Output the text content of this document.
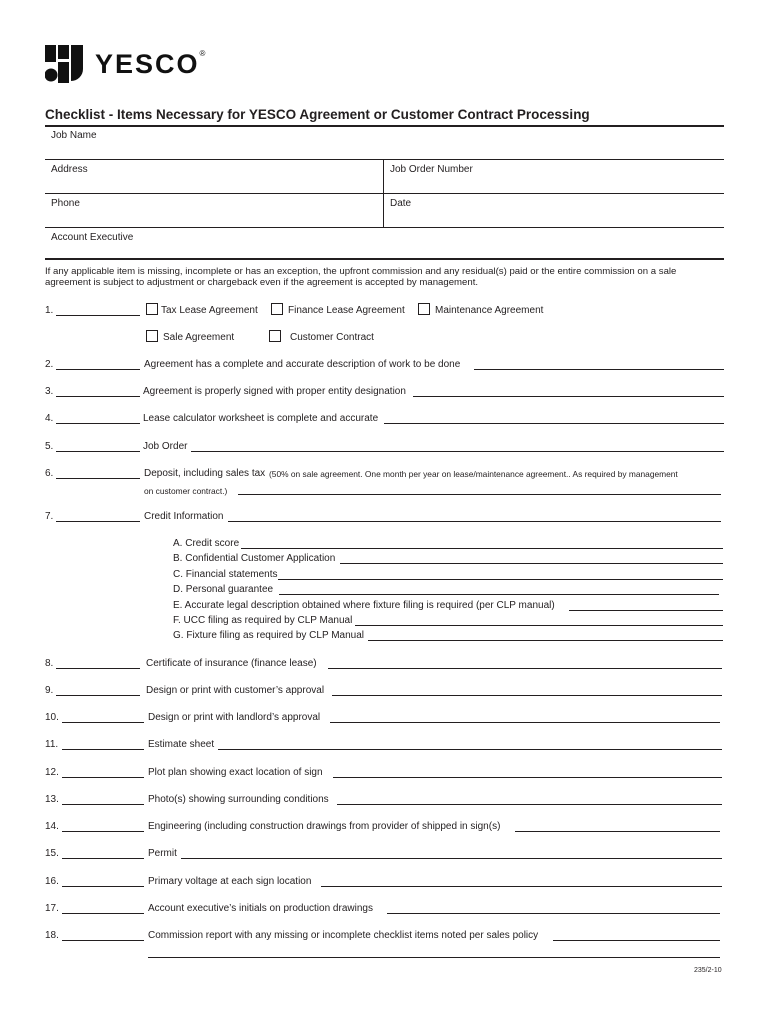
YESCO®
Checklist - Items Necessary for YESCO Agreement or Customer Contract Processing
Job Name
Address	Job Order Number
Phone	Date
Account Executive
If any applicable item is missing, incomplete or has an exception, the upfront commission and any residual(s) paid or the entire commission on a sale
agreement is subject to adjustment or chargeback even if the agreement is accepted by management.
1.	Tax Lease Agreement	Finance Lease Agreement	Maintenance Agreement
Sale Agreement	Customer Contract
2.	Agreement has a complete and accurate description of work to be done
3.	Agreement is properly signed with proper entity designation
4.	Lease calculator worksheet is complete and accurate
5.	Job Order
6.	Deposit, including sales tax (50% on sale agreement. One month per year on lease/maintenance agreement.. As required by management
on customer contract.)
7.	Credit Information
A. Credit score
B. Confidential Customer Application
C. Financial statements
D. Personal guarantee
E. Accurate legal description obtained where fixture filing is required (per CLP manual)
F. UCC filing as required by CLP Manual
G. Fixture filing as required by CLP Manual
8.	Certificate of insurance (finance lease)
9.	Design or print with customer’s approval
10.	Design or print with landlord’s approval
11.	Estimate sheet
12.	Plot plan showing exact location of sign
13.	Photo(s) showing surrounding conditions
14.	Engineering (including construction drawings from provider of shipped in sign(s)
15.	Permit
16.	Primary voltage at each sign location
17.	Account executive’s initials on production drawings
18.	Commission report with any missing or incomplete checklist items noted per sales policy
235/2-10
